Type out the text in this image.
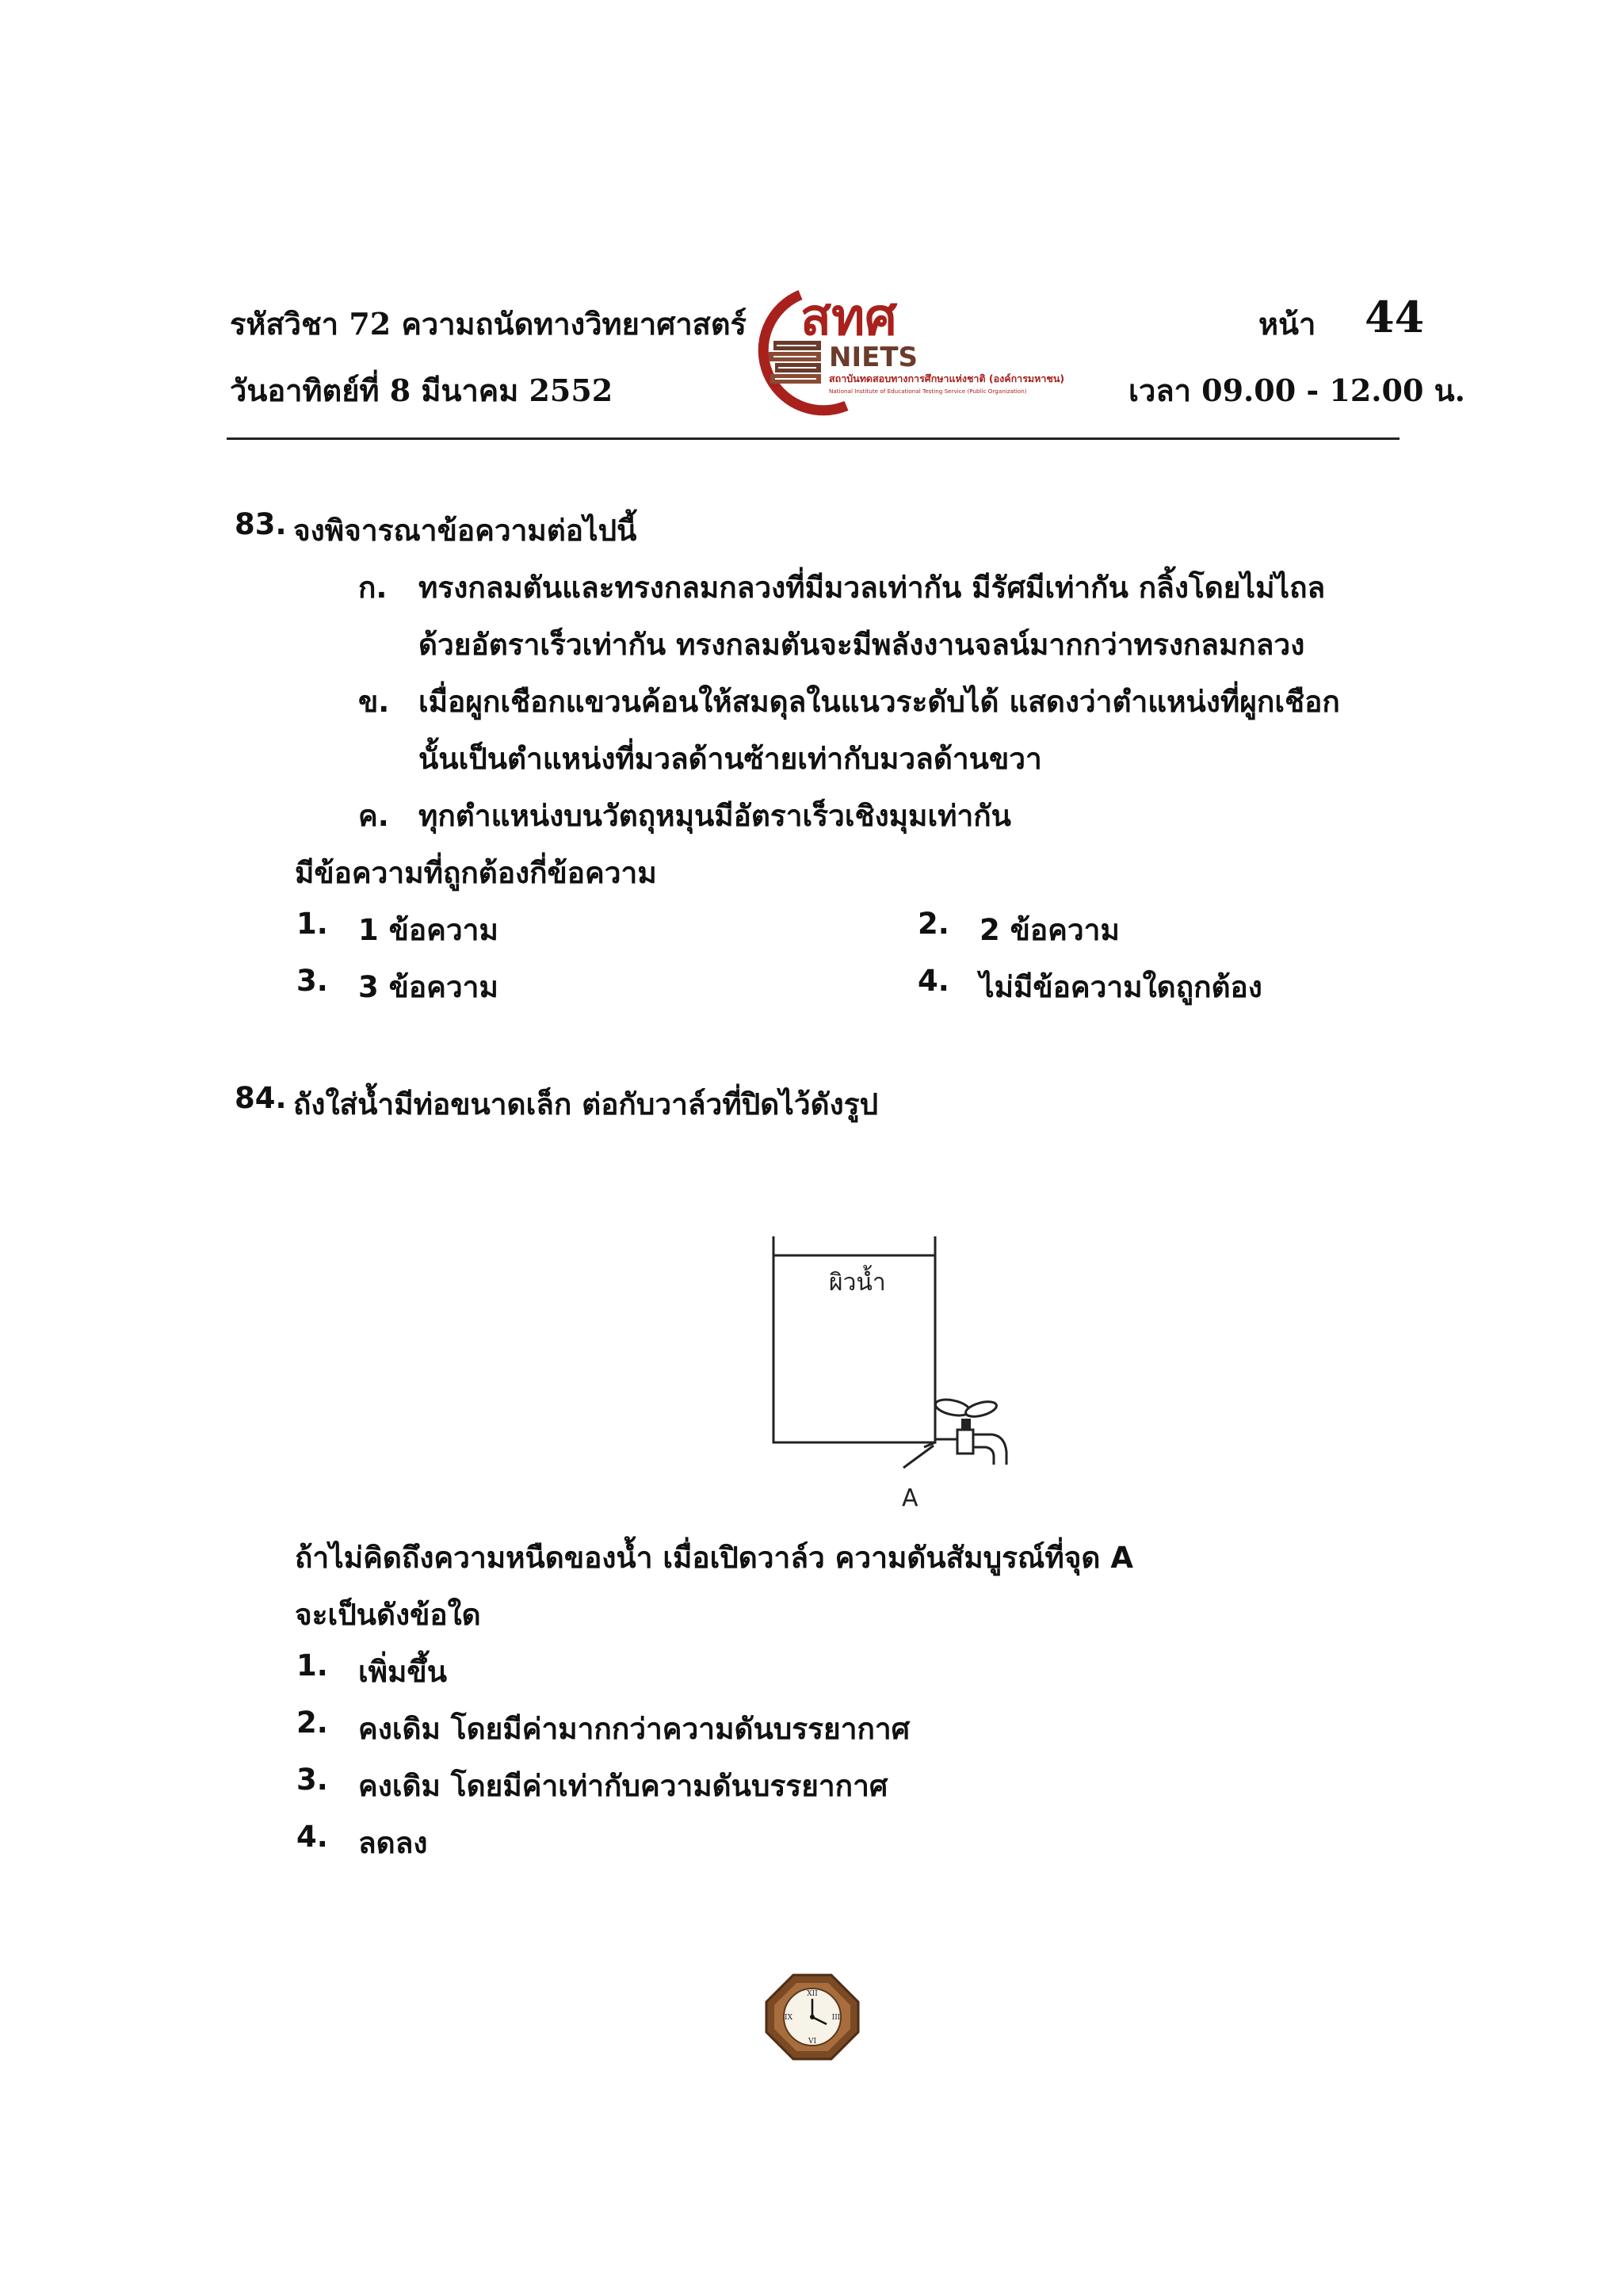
รหัสวิชา 72 ความถนัดทางวิทยาศาสตร์
วันอาทิตย์ที่ 8 มีนาคม 2552
หน้า 44
เวลา 09.00 - 12.00 น.
สทศ
NIETS
สถาบันทดสอบทางการศึกษาแห่งชาติ (องค์การมหาชน)
National Institute of Educational Testing Service (Public Organization)
83. จงพิจารณาข้อความต่อไปนี้
ก. ทรงกลมตันและทรงกลมกลวงที่มีมวลเท่ากัน มีรัศมีเท่ากัน กลิ้งโดยไม่ไถล
ด้วยอัตราเร็วเท่ากัน ทรงกลมตันจะมีพลังงานจลน์มากกว่าทรงกลมกลวง
ข. เมื่อผูกเชือกแขวนค้อนให้สมดุลในแนวระดับได้ แสดงว่าตำแหน่งที่ผูกเชือก
นั้นเป็นตำแหน่งที่มวลด้านซ้ายเท่ากับมวลด้านขวา
ค. ทุกตำแหน่งบนวัตถุหมุนมีอัตราเร็วเชิงมุมเท่ากัน
มีข้อความที่ถูกต้องกี่ข้อความ
1. 1 ข้อความ	2. 2 ข้อความ
3. 3 ข้อความ	4. ไม่มีข้อความใดถูกต้อง
84. ถังใส่น้ำมีท่อขนาดเล็ก ต่อกับวาล์วที่ปิดไว้ดังรูป
ผิวน้ำ
A
ถ้าไม่คิดถึงความหนืดของน้ำ เมื่อเปิดวาล์ว ความดันสัมบูรณ์ที่จุด A
จะเป็นดังข้อใด
1. เพิ่มขึ้น
2. คงเดิม โดยมีค่ามากกว่าความดันบรรยากาศ
3. คงเดิม โดยมีค่าเท่ากับความดันบรรยากาศ
4. ลดลง
XII
III
VI
IX
